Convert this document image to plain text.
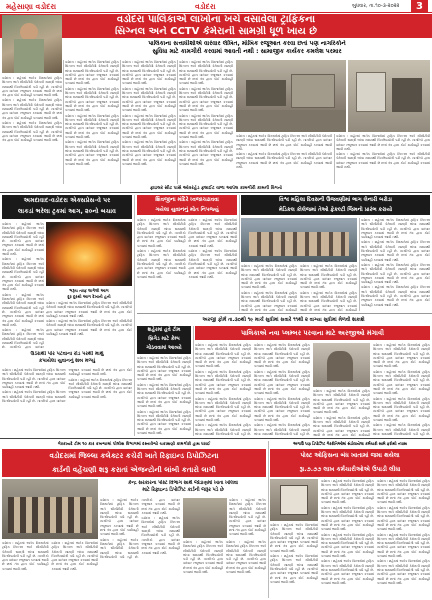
મહેસાણા વડોદરા	વડોદરા	બુધવાર, તા.૧૦-૩-૨૦૨૨	3
વડોદરા પાલિકાએ લાખોના ખર્ચે વસાવેલા ટ્રાફિકના
સિગ્નલ અને CCTV કેમેરાની સામગ્રી ધૂળ ખાય છે
પાલિકાના સત્તાધીશોએ વારંવાર લેખિત, મૌખિક રજૂઆત કરવા છતાં પણ નાગરિકોને
સુવિધા માટે કામગીરી કરવામાં આવતી નથી : સામાજીક કાર્યકર કમલેશ પરમાર

વડોદરા : શહેરમાં અનેક વિસ્તારોમાં ટ્રાફિક સિગ્નલ અને સીસીટીવી કેમેરાની સામગ્રી લાંબા સમયથી બિનઉપયોગી પડી રહી છે. નાગરિકો દ્વારા વારંવાર રજૂઆત કરવામાં આવી છે છતાં તંત્ર દ્વારા કોઈ કાર્યવાહી કરવામાં આવી નથી.

વડોદરા : શહેરમાં અનેક વિસ્તારોમાં ટ્રાફિક સિગ્નલ અને સીસીટીવી કેમેરાની સામગ્રી લાંબા સમયથી બિનઉપયોગી પડી રહી છે. નાગરિકો દ્વારા વારંવાર રજૂઆત કરવામાં આવી છે છતાં તંત્ર દ્વારા કોઈ કાર્યવાહી કરવામાં આવી નથી.

વડોદરા : શહેરમાં અનેક વિસ્તારોમાં ટ્રાફિક સિગ્નલ અને સીસીટીવી કેમેરાની સામગ્રી લાંબા સમયથી બિનઉપયોગી પડી રહી છે. નાગરિકો દ્વારા વારંવાર રજૂઆત કરવામાં આવી છે છતાં તંત્ર દ્વારા કોઈ કાર્યવાહી કરવામાં આવી નથી.

વડોદરા : શહેરમાં અનેક વિસ્તારોમાં ટ્રાફિક સિગ્નલ અને સીસીટીવી કેમેરાની સામગ્રી લાંબા સમયથી બિનઉપયોગી પડી રહી છે. નાગરિકો દ્વારા વારંવાર રજૂઆત કરવામાં આવી છે છતાં તંત્ર દ્વારા કોઈ કાર્યવાહી કરવામાં આવી નથી.

વડોદરા : શહેરમાં અનેક વિસ્તારોમાં ટ્રાફિક સિગ્નલ અને સીસીટીવી કેમેરાની સામગ્રી લાંબા સમયથી બિનઉપયોગી પડી રહી છે. નાગરિકો દ્વારા વારંવાર રજૂઆત કરવામાં આવી છે છતાં તંત્ર દ્વારા કોઈ કાર્યવાહી કરવામાં આવી નથી.

વડોદરા : શહેરમાં અનેક વિસ્તારોમાં ટ્રાફિક સિગ્નલ અને સીસીટીવી કેમેરાની સામગ્રી લાંબા સમયથી બિનઉપયોગી પડી રહી છે. નાગરિકો દ્વારા વારંવાર રજૂઆત કરવામાં આવી છે છતાં તંત્ર દ્વારા કોઈ કાર્યવાહી કરવામાં આવી નથી.

વડોદરા : શહેરમાં અનેક વિસ્તારોમાં ટ્રાફિક સિગ્નલ અને સીસીટીવી કેમેરાની સામગ્રી લાંબા સમયથી બિનઉપયોગી પડી રહી છે. નાગરિકો દ્વારા વારંવાર રજૂઆત કરવામાં આવી છે છતાં તંત્ર દ્વારા કોઈ કાર્યવાહી કરવામાં આવી નથી.

વડોદરા : શહેરમાં અનેક વિસ્તારોમાં ટ્રાફિક સિગ્નલ અને સીસીટીવી કેમેરાની સામગ્રી લાંબા સમયથી બિનઉપયોગી પડી રહી છે. નાગરિકો દ્વારા વારંવાર રજૂઆત કરવામાં આવી છે છતાં તંત્ર દ્વારા કોઈ કાર્યવાહી કરવામાં આવી નથી.

વડોદરા : શહેરમાં અનેક વિસ્તારોમાં ટ્રાફિક સિગ્નલ અને સીસીટીવી કેમેરાની સામગ્રી લાંબા સમયથી બિનઉપયોગી પડી રહી છે. નાગરિકો દ્વારા વારંવાર રજૂઆત કરવામાં આવી છે છતાં તંત્ર દ્વારા કોઈ કાર્યવાહી કરવામાં આવી નથી.

વડોદરા : શહેરમાં અનેક વિસ્તારોમાં ટ્રાફિક સિગ્નલ અને સીસીટીવી કેમેરાની સામગ્રી લાંબા સમયથી બિનઉપયોગી પડી રહી છે. નાગરિકો દ્વારા વારંવાર રજૂઆત કરવામાં આવી છે છતાં તંત્ર દ્વારા કોઈ કાર્યવાહી કરવામાં આવી નથી.

વડોદરા : શહેરમાં અનેક વિસ્તારોમાં ટ્રાફિક સિગ્નલ અને સીસીટીવી કેમેરાની સામગ્રી લાંબા સમયથી બિનઉપયોગી પડી રહી છે. નાગરિકો દ્વારા વારંવાર રજૂઆત કરવામાં આવી છે છતાં તંત્ર દ્વારા કોઈ કાર્યવાહી કરવામાં આવી નથી.

વડોદરા : શહેરમાં અનેક વિસ્તારોમાં ટ્રાફિક સિગ્નલ અને સીસીટીવી કેમેરાની સામગ્રી લાંબા સમયથી બિનઉપયોગી પડી રહી છે. નાગરિકો દ્વારા વારંવાર રજૂઆત કરવામાં આવી છે છતાં તંત્ર દ્વારા કોઈ કાર્યવાહી કરવામાં આવી નથી.

વડોદરા : શહેરમાં અનેક વિસ્તારોમાં ટ્રાફિક સિગ્નલ અને સીસીટીવી કેમેરાની સામગ્રી લાંબા સમયથી બિનઉપયોગી પડી રહી છે. નાગરિકો દ્વારા વારંવાર રજૂઆત કરવામાં આવી છે છતાં તંત્ર દ્વારા કોઈ કાર્યવાહી કરવામાં આવી નથી.

વડોદરા : શહેરમાં અનેક વિસ્તારોમાં ટ્રાફિક સિગ્નલ અને સીસીટીવી કેમેરાની સામગ્રી લાંબા સમયથી બિનઉપયોગી પડી રહી છે. નાગરિકો દ્વારા વારંવાર રજૂઆત કરવામાં આવી છે છતાં તંત્ર દ્વારા કોઈ કાર્યવાહી કરવામાં આવી નથી.

વડોદરા : શહેરમાં અનેક વિસ્તારોમાં ટ્રાફિક સિગ્નલ અને સીસીટીવી કેમેરાની સામગ્રી લાંબા સમયથી બિનઉપયોગી પડી રહી છે. નાગરિકો દ્વારા વારંવાર રજૂઆત કરવામાં આવી છે છતાં તંત્ર દ્વારા કોઈ કાર્યવાહી કરવામાં આવી નથી.

વડોદરા : શહેરમાં અનેક વિસ્તારોમાં ટ્રાફિક સિગ્નલ અને સીસીટીવી કેમેરાની સામગ્રી લાંબા સમયથી બિનઉપયોગી પડી રહી છે. નાગરિકો દ્વારા વારંવાર રજૂઆત કરવામાં આવી છે છતાં તંત્ર દ્વારા કોઈ કાર્યવાહી કરવામાં આવી નથી.

વડોદરા : શહેરમાં અનેક વિસ્તારોમાં ટ્રાફિક સિગ્નલ અને સીસીટીવી કેમેરાની સામગ્રી લાંબા સમયથી બિનઉપયોગી પડી રહી છે. નાગરિકો દ્વારા વારંવાર રજૂઆત કરવામાં આવી છે છતાં તંત્ર દ્વારા કોઈ કાર્યવાહી કરવામાં આવી નથી.

વડોદરા : શહેરમાં અનેક વિસ્તારોમાં ટ્રાફિક સિગ્નલ અને સીસીટીવી કેમેરાની સામગ્રી લાંબા સમયથી બિનઉપયોગી પડી રહી છે. નાગરિકો દ્વારા વારંવાર રજૂઆત કરવામાં આવી છે છતાં તંત્ર દ્વારા કોઈ કાર્યવાહી કરવામાં આવી નથી.

વડોદરા : શહેરમાં અનેક વિસ્તારોમાં ટ્રાફિક સિગ્નલ અને સીસીટીવી કેમેરાની સામગ્રી લાંબા સમયથી બિનઉપયોગી પડી રહી છે. નાગરિકો દ્વારા વારંવાર રજૂઆત કરવામાં આવી છે છતાં તંત્ર દ્વારા કોઈ કાર્યવાહી કરવામાં આવી નથી.

ફાઇલર સીટ પાસે ઓવરહેડ ફ્લાઈટ વાળા આપેલ કામગીરી કામની વિગતો
અમદાવાદ-વડોદરા એક્સપ્રેસ-વે પર
લાકડાં ભરેલા ટ્રકમાં આગ, ૨૦નો બચાવ

વડોદરા : શહેરમાં અનેક વિસ્તારોમાં ટ્રાફિક સિગ્નલ અને સીસીટીવી કેમેરાની સામગ્રી લાંબા સમયથી બિનઉપયોગી પડી રહી છે. નાગરિકો દ્વારા વારંવાર રજૂઆત કરવામાં આવી છે છતાં તંત્ર દ્વારા કોઈ કાર્યવાહી કરવામાં આવી નથી.

વડોદરા : શહેરમાં અનેક વિસ્તારોમાં ટ્રાફિક સિગ્નલ અને સીસીટીવી કેમેરાની સામગ્રી લાંબા સમયથી બિનઉપયોગી પડી રહી છે. નાગરિકો દ્વારા વારંવાર રજૂઆત કરવામાં આવી છે છતાં તંત્ર દ્વારા કોઈ કાર્યવાહી કરવામાં આવી નથી.

વડોદરા : શહેરમાં અનેક વિસ્તારોમાં ટ્રાફિક સિગ્નલ અને સીસીટીવી કેમેરાની સામગ્રી લાંબા સમયથી બિનઉપયોગી પડી રહી છે. નાગરિકો દ્વારા વારંવાર રજૂઆત કરવામાં આવી છે છતાં તંત્ર દ્વારા કોઈ કાર્યવાહી કરવામાં આવી નથી.

વડોદરા : શહેરમાં અનેક વિસ્તારોમાં ટ્રાફિક સિગ્નલ અને સીસીટીવી કેમેરાની સામગ્રી લાંબા સમયથી બિનઉપયોગી પડી રહી છે. નાગરિકો દ્વારા વારંવાર

ભરૂચ તરફ લાગેલી આગ
દૂર દૂરથી આગ દેખાતી હતી

વડોદરા : શહેરમાં અનેક વિસ્તારોમાં ટ્રાફિક સિગ્નલ અને સીસીટીવી કેમેરાની સામગ્રી લાંબા સમયથી બિનઉપયોગી પડી રહી છે. નાગરિકો દ્વારા વારંવાર રજૂઆત કરવામાં આવી છે છતાં તંત્ર દ્વારા કોઈ કાર્યવાહી કરવામાં આવી નથી.

વડોદરા : શહેરમાં અનેક વિસ્તારોમાં ટ્રાફિક સિગ્નલ અને સીસીટીવી કેમેરાની સામગ્રી લાંબા સમયથી બિનઉપયોગી પડી રહી છે. નાગરિકો દ્વારા વારંવાર રજૂઆત કરવામાં આવી છે છતાં તંત્ર દ્વારા કોઈ કાર્યવાહી કરવામાં આવી નથી.

ઉંડેરાથી પોર પટવાના રોડ પરથી માથું
કપાયેલા યુવાનનું શબ મળ્યું

વડોદરા : શહેરમાં અનેક વિસ્તારોમાં ટ્રાફિક સિગ્નલ અને સીસીટીવી કેમેરાની સામગ્રી લાંબા સમયથી બિનઉપયોગી પડી રહી છે. નાગરિકો દ્વારા વારંવાર રજૂઆત કરવામાં આવી છે છતાં તંત્ર દ્વારા કોઈ કાર્યવાહી કરવામાં આવી નથી.

વડોદરા : શહેરમાં અનેક વિસ્તારોમાં ટ્રાફિક સિગ્નલ અને સીસીટીવી કેમેરાની સામગ્રી લાંબા સમયથી બિનઉપયોગી પડી રહી છે. નાગરિકો દ્વારા વારંવાર રજૂઆત કરવામાં આવી છે છતાં તંત્ર દ્વારા કોઈ કાર્યવાહી કરવામાં આવી નથી.

વડોદરા : શહેરમાં અનેક વિસ્તારોમાં ટ્રાફિક સિગ્નલ અને સીસીટીવી કેમેરાની સામગ્રી લાંબા સમયથી બિનઉપયોગી પડી રહી છે. નાગરિકો દ્વારા વારંવાર રજૂઆત કરવામાં આવી છે છતાં તંત્ર દ્વારા કોઈ કાર્યવાહી કરવામાં આવી નથી.

શિવજીના મંદિરે ધ્વજાચઢાવવા
ગયેલા યુવાનનું મોત નિપજ્યું

વડોદરા : શહેરમાં અનેક વિસ્તારોમાં ટ્રાફિક સિગ્નલ અને સીસીટીવી કેમેરાની સામગ્રી લાંબા સમયથી બિનઉપયોગી પડી રહી છે. નાગરિકો દ્વારા વારંવાર રજૂઆત કરવામાં આવી છે છતાં તંત્ર દ્વારા કોઈ કાર્યવાહી કરવામાં આવી નથી.

વડોદરા : શહેરમાં અનેક વિસ્તારોમાં ટ્રાફિક સિગ્નલ અને સીસીટીવી કેમેરાની સામગ્રી લાંબા સમયથી બિનઉપયોગી પડી રહી છે. નાગરિકો દ્વારા વારંવાર રજૂઆત કરવામાં આવી છે છતાં તંત્ર દ્વારા કોઈ કાર્યવાહી કરવામાં આવી નથી.

વડોદરા : શહેરમાં અનેક વિસ્તારોમાં ટ્રાફિક સિગ્નલ અને સીસીટીવી કેમેરાની સામગ્રી લાંબા સમયથી બિનઉપયોગી પડી રહી છે. નાગરિકો દ્વારા વારંવાર રજૂઆત કરવામાં આવી છે છતાં તંત્ર દ્વારા કોઈ કાર્યવાહી કરવામાં આવી નથી.

વડોદરા : શહેરમાં અનેક વિસ્તારોમાં ટ્રાફિક સિગ્નલ અને સીસીટીવી કેમેરાની સામગ્રી લાંબા સમયથી બિનઉપયોગી પડી રહી છે. નાગરિકો દ્વારા વારંવાર રજૂઆત કરવામાં આવી છે છતાં તંત્ર દ્વારા કોઈ કાર્યવાહી કરવામાં આવી નથી.

વિશ્વ મહિલા દિવસની ઉજવણીમાં ભાગ લેનારી બરોડા
મેડિકલ કોલેજમાં તેઓ ફેકલ્ટી જિમનો પ્રારંભ કરાયો

વડોદરા : શહેરમાં અનેક વિસ્તારોમાં ટ્રાફિક સિગ્નલ અને સીસીટીવી કેમેરાની સામગ્રી લાંબા સમયથી બિનઉપયોગી પડી રહી છે. નાગરિકો દ્વારા વારંવાર રજૂઆત કરવામાં આવી છે છતાં તંત્ર દ્વારા કોઈ કાર્યવાહી કરવામાં આવી નથી.

વડોદરા : શહેરમાં અનેક વિસ્તારોમાં ટ્રાફિક સિગ્નલ અને સીસીટીવી કેમેરાની સામગ્રી લાંબા સમયથી બિનઉપયોગી પડી રહી છે. નાગરિકો દ્વારા વારંવાર રજૂઆત કરવામાં આવી છે છતાં તંત્ર દ્વારા કોઈ કાર્યવાહી

વડોદરા : શહેરમાં અનેક વિસ્તારોમાં ટ્રાફિક સિગ્નલ અને સીસીટીવી કેમેરાની સામગ્રી લાંબા સમયથી બિનઉપયોગી પડી રહી છે. નાગરિકો દ્વારા વારંવાર રજૂઆત કરવામાં આવી છે છતાં તંત્ર દ્વારા કોઈ કાર્યવાહી કરવામાં આવી નથી.

વડોદરા : શહેરમાં અનેક વિસ્તારોમાં ટ્રાફિક સિગ્નલ અને સીસીટીવી કેમેરાની સામગ્રી લાંબા સમયથી બિનઉપયોગી પડી રહી છે. નાગરિકો દ્વારા વારંવાર રજૂઆત કરવામાં આવી છે છતાં તંત્ર દ્વારા કોઈ કાર્યવાહી

વડોદરા : શહેરમાં અનેક વિસ્તારોમાં ટ્રાફિક સિગ્નલ અને સીસીટીવી કેમેરાની સામગ્રી લાંબા સમયથી બિનઉપયોગી પડી રહી છે. નાગરિકો દ્વારા વારંવાર રજૂઆત કરવામાં આવી છે છતાં તંત્ર દ્વારા કોઈ કાર્યવાહી કરવામાં આવી નથી.

વડોદરા : શહેરમાં અનેક વિસ્તારોમાં ટ્રાફિક સિગ્નલ અને સીસીટીવી કેમેરાની સામગ્રી લાંબા સમયથી બિનઉપયોગી પડી રહી છે. નાગરિકો દ્વારા વારંવાર રજૂઆત કરવામાં આવી છે છતાં તંત્ર દ્વારા કોઈ કાર્યવાહી કરવામાં આવી નથી.

વડોદરા : શહેરમાં અનેક વિસ્તારોમાં ટ્રાફિક સિગ્નલ અને સીસીટીવી કેમેરાની સામગ્રી લાંબા સમયથી બિનઉપયોગી પડી રહી છે. નાગરિકો દ્વારા વારંવાર રજૂઆત કરવામાં આવી છે છતાં તંત્ર દ્વારા કોઈ કાર્યવાહી કરવામાં આવી નથી.

વડોદરા : શહેરમાં અનેક વિસ્તારોમાં ટ્રાફિક સિગ્નલ અને સીસીટીવી કેમેરાની સામગ્રી લાંબા સમયથી બિનઉપયોગી પડી રહી છે. નાગરિકો દ્વારા વારંવાર રજૂઆત કરવામાં આવી છે છતાં તંત્ર દ્વારા કોઈ કાર્યવાહી કરવામાં આવી નથી.

અરજી ફોર્મ તા.૩૦થી ૧૯ માર્ચ સુધીમાં સવારે ૧૧થી ૨ વાગ્યા સુધીમાં મેળવી શકાશે
શહેરમાં હવે ટીમ
બ્રિગેડ માટે કેમ્પ
ગોઠવવામાં આવ્યો

વડોદરા : શહેરમાં અનેક વિસ્તારોમાં ટ્રાફિક સિગ્નલ અને સીસીટીવી કેમેરાની સામગ્રી લાંબા સમયથી બિનઉપયોગી પડી રહી છે. નાગરિકો દ્વારા વારંવાર રજૂઆત કરવામાં આવી છે છતાં તંત્ર દ્વારા કોઈ કાર્યવાહી કરવામાં આવી નથી.

વડોદરા : શહેરમાં અનેક વિસ્તારોમાં ટ્રાફિક સિગ્નલ અને સીસીટીવી કેમેરાની સામગ્રી લાંબા સમયથી બિનઉપયોગી પડી રહી છે. નાગરિકો દ્વારા વારંવાર રજૂઆત કરવામાં આવી છે છતાં તંત્ર દ્વારા કોઈ કાર્યવાહી કરવામાં આવી નથી.

વડોદરા : શહેરમાં અનેક વિસ્તારોમાં ટ્રાફિક સિગ્નલ અને સીસીટીવી કેમેરાની સામગ્રી લાંબા સમયથી બિનઉપયોગી પડી રહી છે. નાગરિકો દ્વારા વારંવાર રજૂઆત કરવામાં આવી છે છતાં તંત્ર દ્વારા કોઈ કાર્યવાહી કરવામાં આવી નથી.

પાલિકાએ નવા પ્લમ્બર પરવાના માટે અરજીઓ મંગાવી

વડોદરા : શહેરમાં અનેક વિસ્તારોમાં ટ્રાફિક સિગ્નલ અને સીસીટીવી કેમેરાની સામગ્રી લાંબા સમયથી બિનઉપયોગી પડી રહી છે. નાગરિકો દ્વારા વારંવાર રજૂઆત કરવામાં આવી છે છતાં તંત્ર દ્વારા કોઈ કાર્યવાહી કરવામાં આવી નથી.

વડોદરા : શહેરમાં અનેક વિસ્તારોમાં ટ્રાફિક સિગ્નલ અને સીસીટીવી કેમેરાની સામગ્રી લાંબા સમયથી બિનઉપયોગી પડી રહી છે. નાગરિકો દ્વારા વારંવાર રજૂઆત કરવામાં આવી છે છતાં તંત્ર દ્વારા કોઈ કાર્યવાહી કરવામાં આવી નથી.

વડોદરા : શહેરમાં અનેક વિસ્તારોમાં ટ્રાફિક સિગ્નલ અને સીસીટીવી કેમેરાની સામગ્રી લાંબા સમયથી બિનઉપયોગી પડી રહી છે. નાગરિકો દ્વારા વારંવાર રજૂઆત કરવામાં આવી છે છતાં તંત્ર દ્વારા કોઈ કાર્યવાહી કરવામાં આવી નથી.

વડોદરા : શહેરમાં અનેક વિસ્તારોમાં ટ્રાફિક સિગ્નલ અને સીસીટીવી કેમેરાની સામગ્રી લાંબા સમયથી બિનઉપયોગી પડી રહી છે.

વડોદરા : શહેરમાં અનેક વિસ્તારોમાં ટ્રાફિક સિગ્નલ અને સીસીટીવી કેમેરાની સામગ્રી લાંબા સમયથી બિનઉપયોગી પડી રહી છે. નાગરિકો દ્વારા વારંવાર રજૂઆત કરવામાં આવી છે છતાં તંત્ર દ્વારા કોઈ કાર્યવાહી કરવામાં આવી નથી.

વડોદરા : શહેરમાં અનેક વિસ્તારોમાં ટ્રાફિક સિગ્નલ અને સીસીટીવી કેમેરાની સામગ્રી લાંબા સમયથી બિનઉપયોગી પડી રહી છે. નાગરિકો દ્વારા વારંવાર રજૂઆત કરવામાં આવી છે છતાં તંત્ર દ્વારા કોઈ કાર્યવાહી કરવામાં આવી નથી.

વડોદરા : શહેરમાં અનેક વિસ્તારોમાં ટ્રાફિક સિગ્નલ અને સીસીટીવી કેમેરાની સામગ્રી લાંબા સમયથી બિનઉપયોગી પડી રહી છે. નાગરિકો દ્વારા વારંવાર રજૂઆત કરવામાં આવી છે છતાં તંત્ર દ્વારા કોઈ કાર્યવાહી કરવામાં આવી નથી.

વડોદરા : શહેરમાં અનેક વિસ્તારોમાં ટ્રાફિક સિગ્નલ અને સીસીટીવી કેમેરાની સામગ્રી લાંબા સમયથી બિનઉપયોગી પડી રહી છે.

વડોદરા : શહેરમાં અનેક વિસ્તારોમાં ટ્રાફિક સિગ્નલ અને સીસીટીવી કેમેરાની સામગ્રી લાંબા સમયથી બિનઉપયોગી પડી રહી છે. નાગરિકો દ્વારા વારંવાર રજૂઆત કરવામાં આવી છે છતાં તંત્ર દ્વારા કોઈ કાર્યવાહી કરવામાં આવી નથી.

વડોદરા : શહેરમાં અનેક વિસ્તારોમાં ટ્રાફિક સિગ્નલ અને સીસીટીવી કેમેરાની સામગ્રી લાંબા સમયથી બિનઉપયોગી પડી રહી છે. નાગરિકો દ્વારા વારંવાર રજૂઆત કરવામાં આવી છે છતાં તંત્ર દ્વારા કોઈ કાર્યવાહી

વડોદરા : શહેરમાં અનેક વિસ્તારોમાં ટ્રાફિક સિગ્નલ અને સીસીટીવી કેમેરાની સામગ્રી લાંબા સમયથી બિનઉપયોગી પડી રહી છે. નાગરિકો દ્વારા વારંવાર રજૂઆત કરવામાં આવી છે છતાં તંત્ર દ્વારા કોઈ કાર્યવાહી કરવામાં આવી નથી.

વડોદરા : શહેરમાં અનેક વિસ્તારોમાં ટ્રાફિક સિગ્નલ અને સીસીટીવી કેમેરાની સામગ્રી લાંબા સમયથી બિનઉપયોગી પડી રહી છે. નાગરિકો દ્વારા વારંવાર રજૂઆત કરવામાં આવી છે છતાં તંત્ર દ્વારા કોઈ કાર્યવાહી કરવામાં આવી નથી.

વડોદરા : શહેરમાં અનેક વિસ્તારોમાં ટ્રાફિક સિગ્નલ અને સીસીટીવી કેમેરાની સામગ્રી લાંબા સમયથી બિનઉપયોગી પડી રહી છે. નાગરિકો દ્વારા વારંવાર રજૂઆત કરવામાં આવી છે છતાં તંત્ર દ્વારા કોઈ કાર્યવાહી કરવામાં આવી નથી.

વડોદરા : શહેરમાં અનેક વિસ્તારોમાં ટ્રાફિક સિગ્નલ અને સીસીટીવી કેમેરાની સામગ્રી લાંબા સમયથી બિનઉપયોગી પડી રહી છે.

ગેરકાયદે ટીમ ૧૦ કાર કબજામાં પોલીસ વિભાગમાં દસ્તાવેજો ચકાસણી કામગીરી હાથ ધરાઈ
વડોદરામાં જિલ્લા કલેક્ટર કચેરી ખાતે રિફાઇન્ડ ડિપોઝિટના
કાર્ડની વહેંચણી શરૂ કરાતાં એજન્ટોની લાંબી કતારો લાગી
કેન્દ્ર સરકારના પોસ્ટ વિભાગ સાથે જોડાણમાં ખાતા ખોલવા
માટે રિફાઇન્ડ ડિપોઝિટ કાર્ડની જરૂર પડે છે

વડોદરા : શહેરમાં અનેક વિસ્તારોમાં ટ્રાફિક સિગ્નલ અને સીસીટીવી કેમેરાની સામગ્રી લાંબા સમયથી બિનઉપયોગી પડી રહી છે. નાગરિકો દ્વારા વારંવાર રજૂઆત કરવામાં આવી છે છતાં તંત્ર દ્વારા કોઈ કાર્યવાહી કરવામાં આવી નથી.

વડોદરા : શહેરમાં અનેક વિસ્તારોમાં ટ્રાફિક સિગ્નલ અને સીસીટીવી કેમેરાની સામગ્રી લાંબા સમયથી બિનઉપયોગી પડી રહી છે. નાગરિકો દ્વારા વારંવાર રજૂઆત કરવામાં આવી છે છતાં તંત્ર દ્વારા કોઈ કાર્યવાહી કરવામાં આવી નથી.

વડોદરા : શહેરમાં અનેક વિસ્તારોમાં ટ્રાફિક સિગ્નલ અને સીસીટીવી કેમેરાની સામગ્રી લાંબા સમયથી બિનઉપયોગી પડી રહી છે. નાગરિકો દ્વારા વારંવાર રજૂઆત કરવામાં આવી છે છતાં તંત્ર દ્વારા કોઈ કાર્યવાહી કરવામાં આવી નથી.

વડોદરા : શહેરમાં અનેક વિસ્તારોમાં ટ્રાફિક સિગ્નલ અને સીસીટીવી કેમેરાની સામગ્રી લાંબા સમયથી બિનઉપયોગી પડી રહી છે. નાગરિકો દ્વારા વારંવાર રજૂઆત કરવામાં આવી છે છતાં તંત્ર દ્વારા કોઈ કાર્યવાહી કરવામાં આવી નથી.

વડોદરા : શહેરમાં અનેક વિસ્તારોમાં ટ્રાફિક સિગ્નલ અને સીસીટીવી કેમેરાની સામગ્રી લાંબા સમયથી બિનઉપયોગી પડી રહી છે. નાગરિકો દ્વારા વારંવાર રજૂઆત કરવામાં આવી છે છતાં તંત્ર દ્વારા કોઈ કાર્યવાહી કરવામાં આવી નથી.

વડોદરા : શહેરમાં અનેક વિસ્તારોમાં ટ્રાફિક સિગ્નલ અને સીસીટીવી કેમેરાની સામગ્રી લાંબા સમયથી બિનઉપયોગી પડી રહી છે. નાગરિકો દ્વારા વારંવાર રજૂઆત કરવામાં આવી છે છતાં તંત્ર દ્વારા કોઈ કાર્યવાહી કરવામાં આવી નથી.

વડોદરા : શહેરમાં અનેક વિસ્તારોમાં ટ્રાફિક સિગ્નલ અને સીસીટીવી કેમેરાની સામગ્રી લાંબા સમયથી બિનઉપયોગી પડી રહી છે. નાગરિકો દ્વારા વારંવાર રજૂઆત કરવામાં આવી છે છતાં તંત્ર દ્વારા કોઈ કાર્યવાહી કરવામાં આવી નથી.

વડોદરા : શહેરમાં અનેક વિસ્તારોમાં ટ્રાફિક સિગ્નલ અને સીસીટીવી કેમેરાની સામગ્રી લાંબા સમયથી બિનઉપયોગી પડી રહી છે. નાગરિકો દ્વારા વારંવાર રજૂઆત કરવામાં આવી છે છતાં તંત્ર દ્વારા કોઈ કાર્યવાહી કરવામાં આવી નથી.

અગાઉ પણ ડિપોઝિટ ગેરરીતિઓમાં સંડોવાયેલા કર્મચારી સામે ફરીથી તપાસ
પોસ્ટ ઓફિસના બંધ ખાતામાં જમા થયેલા
રૂા.૭.૭૭ લાખ કર્મચારીઓએ ઉપાડી લીધા

વડોદરા : શહેરમાં અનેક વિસ્તારોમાં ટ્રાફિક સિગ્નલ અને સીસીટીવી કેમેરાની સામગ્રી લાંબા સમયથી બિનઉપયોગી પડી રહી છે. નાગરિકો દ્વારા વારંવાર રજૂઆત કરવામાં આવી છે છતાં તંત્ર દ્વારા કોઈ કાર્યવાહી કરવામાં આવી નથી.

વડોદરા : શહેરમાં અનેક વિસ્તારોમાં ટ્રાફિક સિગ્નલ અને સીસીટીવી કેમેરાની સામગ્રી લાંબા સમયથી બિનઉપયોગી પડી રહી છે. નાગરિકો દ્વારા વારંવાર રજૂઆત કરવામાં આવી છે છતાં તંત્ર દ્વારા કોઈ કાર્યવાહી કરવામાં આવી નથી.

વડોદરા : શહેરમાં અનેક વિસ્તારોમાં ટ્રાફિક સિગ્નલ અને સીસીટીવી કેમેરાની સામગ્રી લાંબા સમયથી બિનઉપયોગી પડી રહી છે. નાગરિકો દ્વારા વારંવાર રજૂઆત કરવામાં આવી છે છતાં તંત્ર દ્વારા કોઈ કાર્યવાહી કરવામાં આવી નથી.

વડોદરા : શહેરમાં અનેક વિસ્તારોમાં ટ્રાફિક સિગ્નલ અને સીસીટીવી કેમેરાની સામગ્રી લાંબા સમયથી બિનઉપયોગી પડી રહી છે. નાગરિકો દ્વારા વારંવાર રજૂઆત કરવામાં આવી છે છતાં તંત્ર દ્વારા કોઈ કાર્યવાહી કરવામાં આવી નથી.

વડોદરા : શહેરમાં અનેક વિસ્તારોમાં ટ્રાફિક સિગ્નલ અને સીસીટીવી કેમેરાની સામગ્રી લાંબા સમયથી બિનઉપયોગી પડી રહી છે. નાગરિકો દ્વારા વારંવાર રજૂઆત કરવામાં આવી છે છતાં તંત્ર દ્વારા કોઈ કાર્યવાહી કરવામાં આવી નથી.

વડોદરા : શહેરમાં અનેક વિસ્તારોમાં ટ્રાફિક સિગ્નલ અને સીસીટીવી કેમેરાની સામગ્રી લાંબા સમયથી બિનઉપયોગી પડી રહી છે. નાગરિકો દ્વારા વારંવાર રજૂઆત કરવામાં આવી છે છતાં તંત્ર દ્વારા કોઈ કાર્યવાહી કરવામાં આવી નથી.

વડોદરા : શહેરમાં અનેક વિસ્તારોમાં ટ્રાફિક સિગ્નલ અને સીસીટીવી કેમેરાની સામગ્રી લાંબા સમયથી બિનઉપયોગી પડી રહી છે. નાગરિકો દ્વારા વારંવાર રજૂઆત કરવામાં આવી છે છતાં તંત્ર દ્વારા કોઈ કાર્યવાહી કરવામાં આવી નથી.

વડોદરા : શહેરમાં અનેક વિસ્તારોમાં ટ્રાફિક સિગ્નલ અને સીસીટીવી કેમેરાની સામગ્રી લાંબા સમયથી બિનઉપયોગી પડી રહી છે. નાગરિકો દ્વારા વારંવાર રજૂઆત કરવામાં આવી છે છતાં તંત્ર દ્વારા કોઈ કાર્યવાહી કરવામાં આવી નથી.

વડોદરા : શહેરમાં અનેક વિસ્તારોમાં ટ્રાફિક સિગ્નલ અને સીસીટીવી કેમેરાની સામગ્રી લાંબા સમયથી બિનઉપયોગી પડી રહી છે. નાગરિકો દ્વારા વારંવાર રજૂઆત કરવામાં આવી છે છતાં તંત્ર દ્વારા કોઈ કાર્યવાહી કરવામાં આવી નથી.

વડોદરા : શહેરમાં અનેક વિસ્તારોમાં ટ્રાફિક સિગ્નલ અને સીસીટીવી કેમેરાની સામગ્રી લાંબા સમયથી બિનઉપયોગી પડી રહી છે. નાગરિકો દ્વારા વારંવાર રજૂઆત કરવામાં આવી છે છતાં તંત્ર દ્વારા કોઈ કાર્યવાહી કરવામાં આવી નથી.
